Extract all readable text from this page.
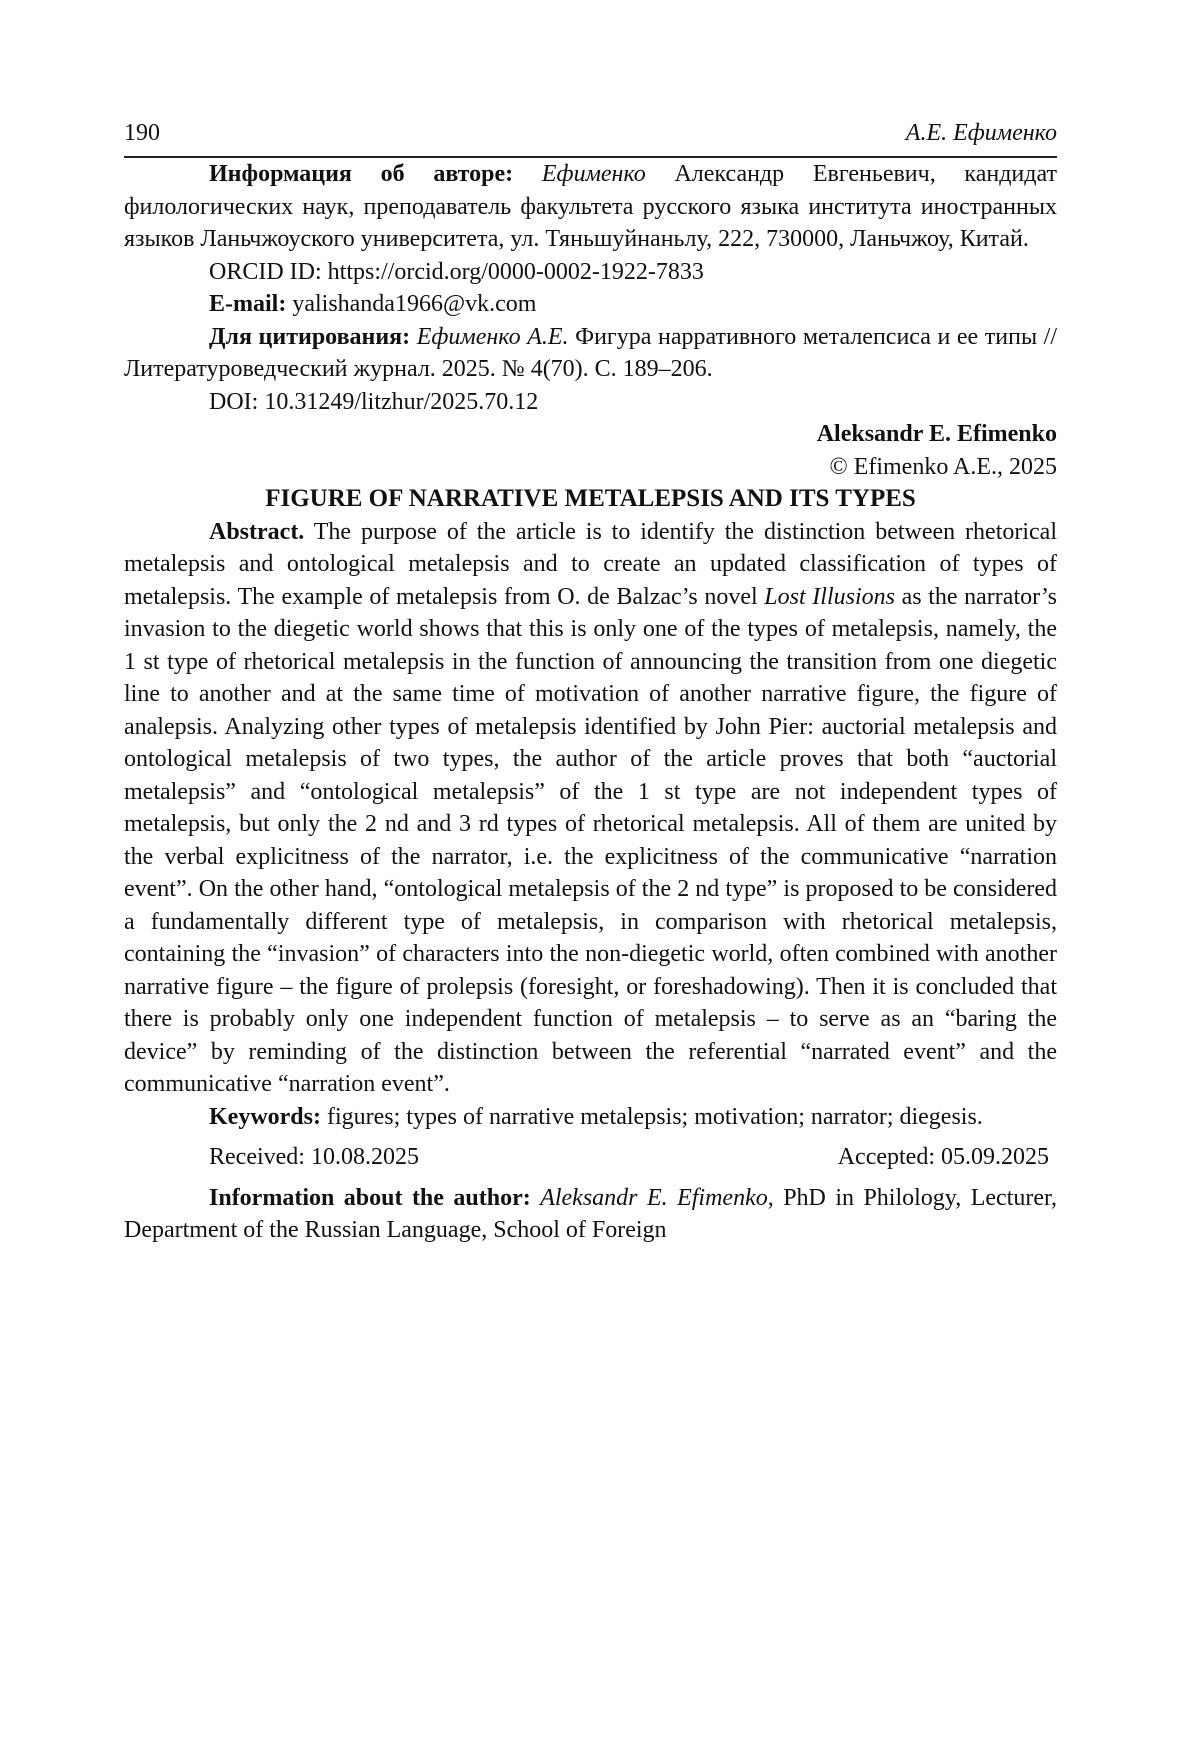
190	А.Е. Ефименко

Информация об авторе: Ефименко Александр Евгеньевич, кандидат филологических наук, преподаватель факультета русского языка института иностранных языков Ланьчжоуского университета, ул. Тяньшуйнаньлу, 222, 730000, Ланьчжоу, Китай.

ORCID ID: https://orcid.org/0000-0002-1922-7833

E-mail: yalishanda1966@vk.com

Для цитирования: Ефименко А.Е. Фигура нарративного металепсиса и ее типы // Литературоведческий журнал. 2025. № 4(70). С. 189–206.

DOI: 10.31249/litzhur/2025.70.12

Aleksandr E. Efimenko

© Efimenko A.E., 2025

FIGURE OF NARRATIVE METALEPSIS AND ITS TYPES

Abstract. The purpose of the article is to identify the distinction between rhetorical metalepsis and ontological metalepsis and to create an updated classification of types of metalepsis. The example of metalepsis from O. de Balzac’s novel Lost Illusions as the narrator’s invasion to the diegetic world shows that this is only one of the types of metalepsis, namely, the 1 st type of rhetorical metalepsis in the function of announcing the transition from one diegetic line to another and at the same time of motivation of another narrative figure, the figure of analepsis. Analyzing other types of metalepsis identified by John Pier: auctorial metalepsis and ontological metalepsis of two types, the author of the article proves that both “auctorial metalepsis” and “ontological metalepsis” of the 1 st type are not independent types of metalepsis, but only the 2 nd and 3 rd types of rhetorical metalepsis. All of them are united by the verbal explicitness of the narrator, i.e. the explicitness of the communicative “narration event”. On the other hand, “ontological metalepsis of the 2 nd type” is proposed to be considered a fundamentally different type of metalepsis, in comparison with rhetorical metalepsis, containing the “invasion” of characters into the non-diegetic world, often combined with another narrative figure – the figure of prolepsis (foresight, or foreshadowing). Then it is concluded that there is probably only one independent function of metalepsis – to serve as an “baring the device” by reminding of the distinction between the referential “narrated event” and the communicative “narration event”.

Keywords: figures; types of narrative metalepsis; motivation; narrator; diegesis.

Received: 10.08.2025	Accepted: 05.09.2025

Information about the author: Aleksandr E. Efimenko, PhD in Philology, Lecturer, Department of the Russian Language, School of Foreign
